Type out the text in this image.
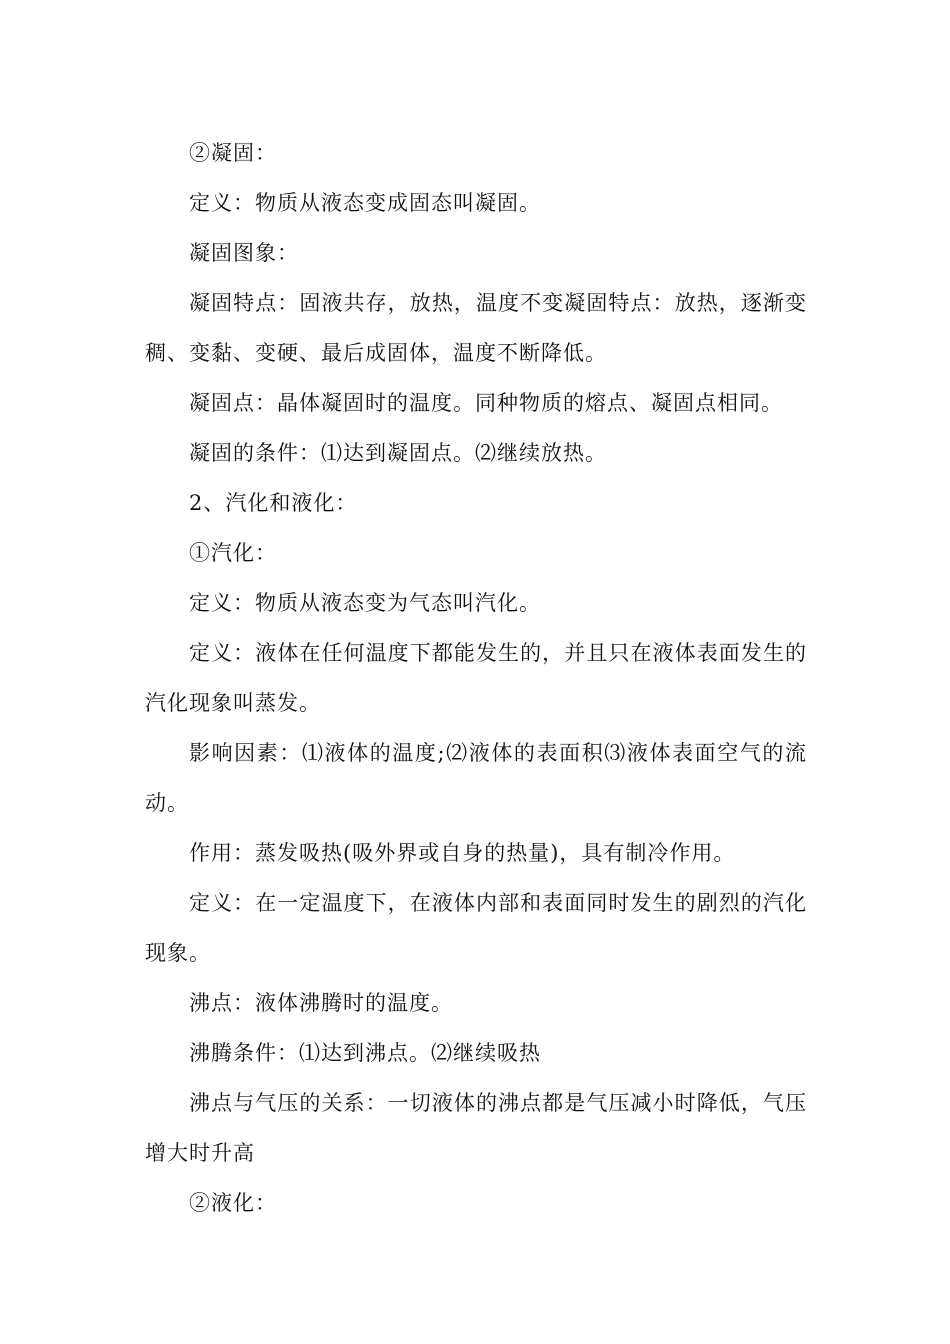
②凝固：

定义：物质从液态变成固态叫凝固。

凝固图象：

凝固特点：固液共存，放热，温度不变凝固特点：放热，逐渐变稠、变黏、变硬、最后成固体，温度不断降低。

凝固点：晶体凝固时的温度。同种物质的熔点、凝固点相同。

凝固的条件：⑴达到凝固点。⑵继续放热。

2、汽化和液化：

①汽化：

定义：物质从液态变为气态叫汽化。

定义：液体在任何温度下都能发生的，并且只在液体表面发生的汽化现象叫蒸发。

影响因素：⑴液体的温度;⑵液体的表面积⑶液体表面空气的流动。

作用：蒸发吸热(吸外界或自身的热量)，具有制冷作用。

定义：在一定温度下，在液体内部和表面同时发生的剧烈的汽化现象。

沸点：液体沸腾时的温度。

沸腾条件：⑴达到沸点。⑵继续吸热

沸点与气压的关系：一切液体的沸点都是气压减小时降低，气压增大时升高

②液化：
